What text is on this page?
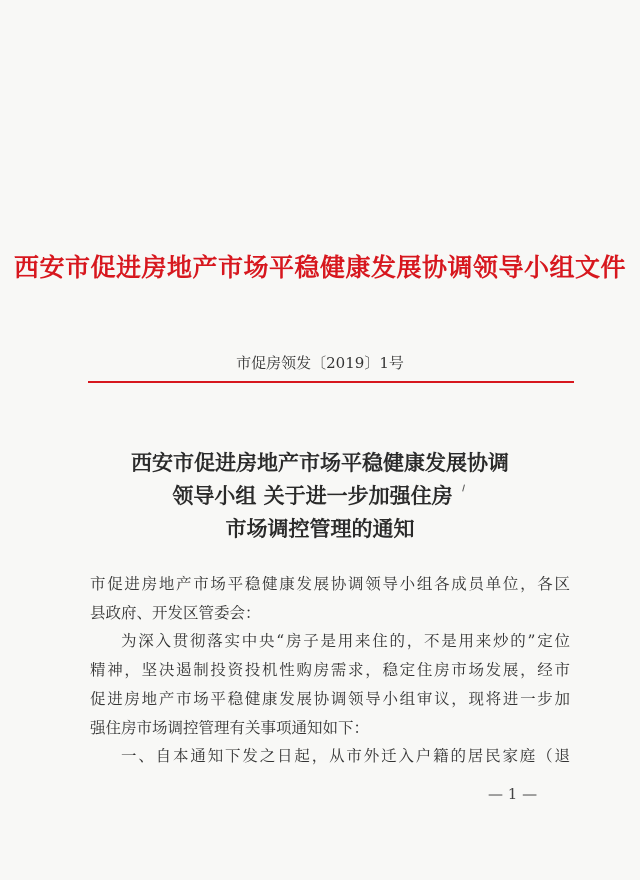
西安市促进房地产市场平稳健康发展协调领导小组文件
市促房领发〔2019〕1号
西安市促进房地产市场平稳健康发展协调
领导小组 关于进一步加强住房
市场调控管理的通知

市促进房地产市场平稳健康发展协调领导小组各成员单位，各区

县政府、开发区管委会：

为深入贯彻落实中央“房子是用来住的，不是用来炒的”定位

精神，坚决遏制投资投机性购房需求，稳定住房市场发展，经市

促进房地产市场平稳健康发展协调领导小组审议，现将进一步加

强住房市场调控管理有关事项通知如下：

一、自本通知下发之日起，从市外迁入户籍的居民家庭（退

— 1 —
